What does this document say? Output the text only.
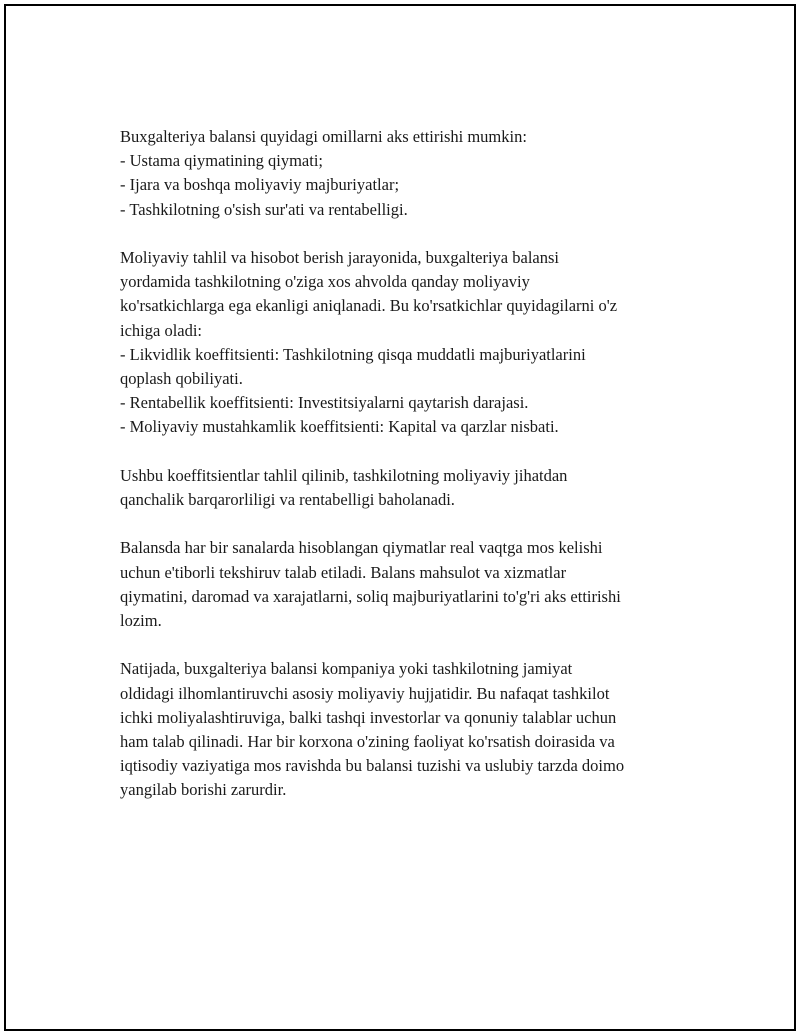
Buxgalteriya balansi quyidagi omillarni aks ettirishi mumkin:
- Ustama qiymatining qiymati;
- Ijara va boshqa moliyaviy majburiyatlar;
- Tashkilotning o'sish sur'ati va rentabelligi.

Moliyaviy tahlil va hisobot berish jarayonida, buxgalteriya balansi
yordamida tashkilotning o'ziga xos ahvolda qanday moliyaviy
ko'rsatkichlarga ega ekanligi aniqlanadi. Bu ko'rsatkichlar quyidagilarni o'z
ichiga oladi:
- Likvidlik koeffitsienti: Tashkilotning qisqa muddatli majburiyatlarini
qoplash qobiliyati.
- Rentabellik koeffitsienti: Investitsiyalarni qaytarish darajasi.
- Moliyaviy mustahkamlik koeffitsienti: Kapital va qarzlar nisbati.

Ushbu koeffitsientlar tahlil qilinib, tashkilotning moliyaviy jihatdan
qanchalik barqarorliligi va rentabelligi baholanadi.

Balansda har bir sanalarda hisoblangan qiymatlar real vaqtga mos kelishi
uchun e'tiborli tekshiruv talab etiladi. Balans mahsulot va xizmatlar
qiymatini, daromad va xarajatlarni, soliq majburiyatlarini to'g'ri aks ettirishi
lozim.

Natijada, buxgalteriya balansi kompaniya yoki tashkilotning jamiyat
oldidagi ilhomlantiruvchi asosiy moliyaviy hujjatidir. Bu nafaqat tashkilot
ichki moliyalashtiruviga, balki tashqi investorlar va qonuniy talablar uchun
ham talab qilinadi. Har bir korxona o'zining faoliyat ko'rsatish doirasida va
iqtisodiy vaziyatiga mos ravishda bu balansi tuzishi va uslubiy tarzda doimo
yangilab borishi zarurdir.
